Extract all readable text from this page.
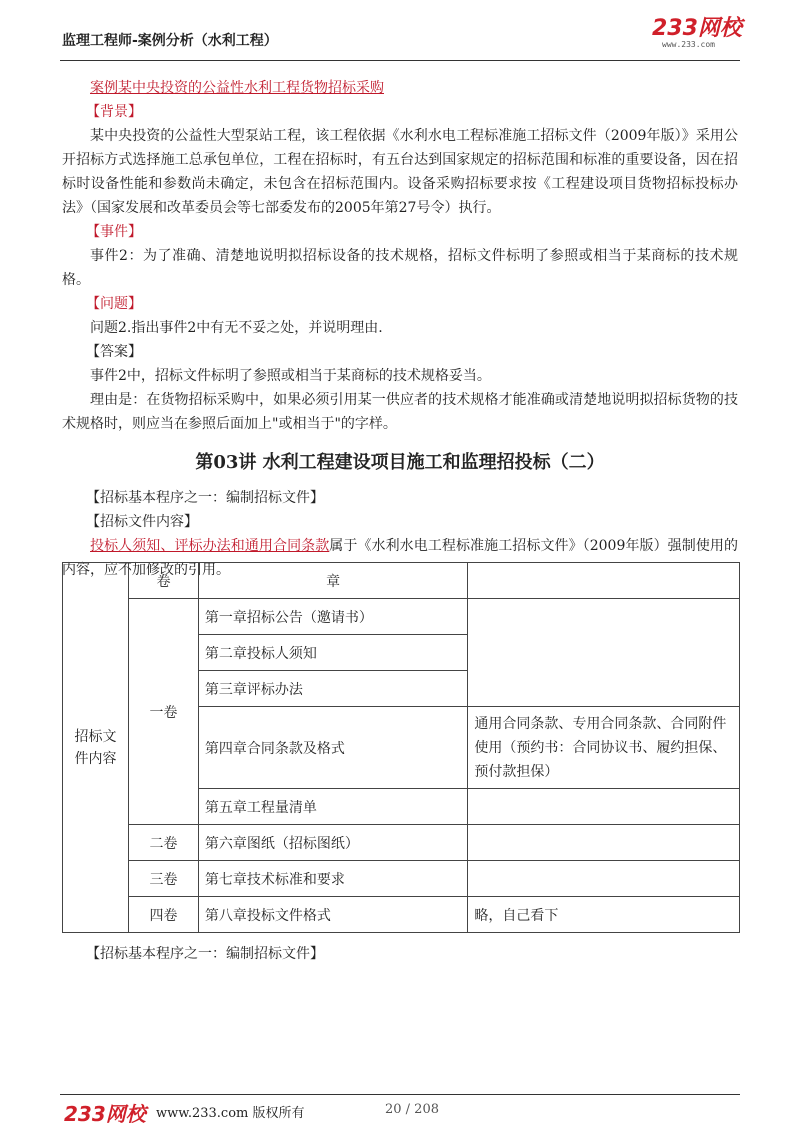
监理工程师-案例分析（水利工程）	233网校
www.233.com
案例某中央投资的公益性水利工程货物招标采购
【背景】

某中央投资的公益性大型泵站工程，该工程依据《水利水电工程标准施工招标文件（2009年版）》采用公开招标方式选择施工总承包单位，工程在招标时，有五台达到国家规定的招标范围和标准的重要设备，因在招标时设备性能和参数尚未确定，未包含在招标范围内。设备采购招标要求按《工程建设项目货物招标投标办法》（国家发展和改革委员会等七部委发布的2005年第27号令）执行。

【事件】

事件2：为了准确、清楚地说明拟招标设备的技术规格，招标文件标明了参照或相当于某商标的技术规格。

【问题】

问题2.指出事件2中有无不妥之处，并说明理由.

【答案】

事件2中，招标文件标明了参照或相当于某商标的技术规格妥当。

理由是：在货物招标采购中，如果必须引用某一供应者的技术规格才能准确或清楚地说明拟招标货物的技术规格时，则应当在参照后面加上"或相当于"的字样。

第03讲 水利工程建设项目施工和监理招投标（二）
【招标基本程序之一：编制招标文件】
【招标文件内容】

投标人须知、评标办法和通用合同条款属于《水利水电工程标准施工招标文件》（2009年版）强制使用的内容，应不加修改的引用。

招标文件内容	卷	章	
	一卷	第一章招标公告（邀请书）	
		第二章投标人须知	
		第三章评标办法	
		第四章合同条款及格式	通用合同条款、专用合同条款、合同附件使用（预约书：合同协议书、履约担保、预付款担保）
		第五章工程量清单	
	二卷	第六章图纸（招标图纸）	
	三卷	第七章技术标准和要求	
	四卷	第八章投标文件格式	略，自己看下
【招标基本程序之一：编制招标文件】
233网校 www.233.com 版权所有	20 / 208
